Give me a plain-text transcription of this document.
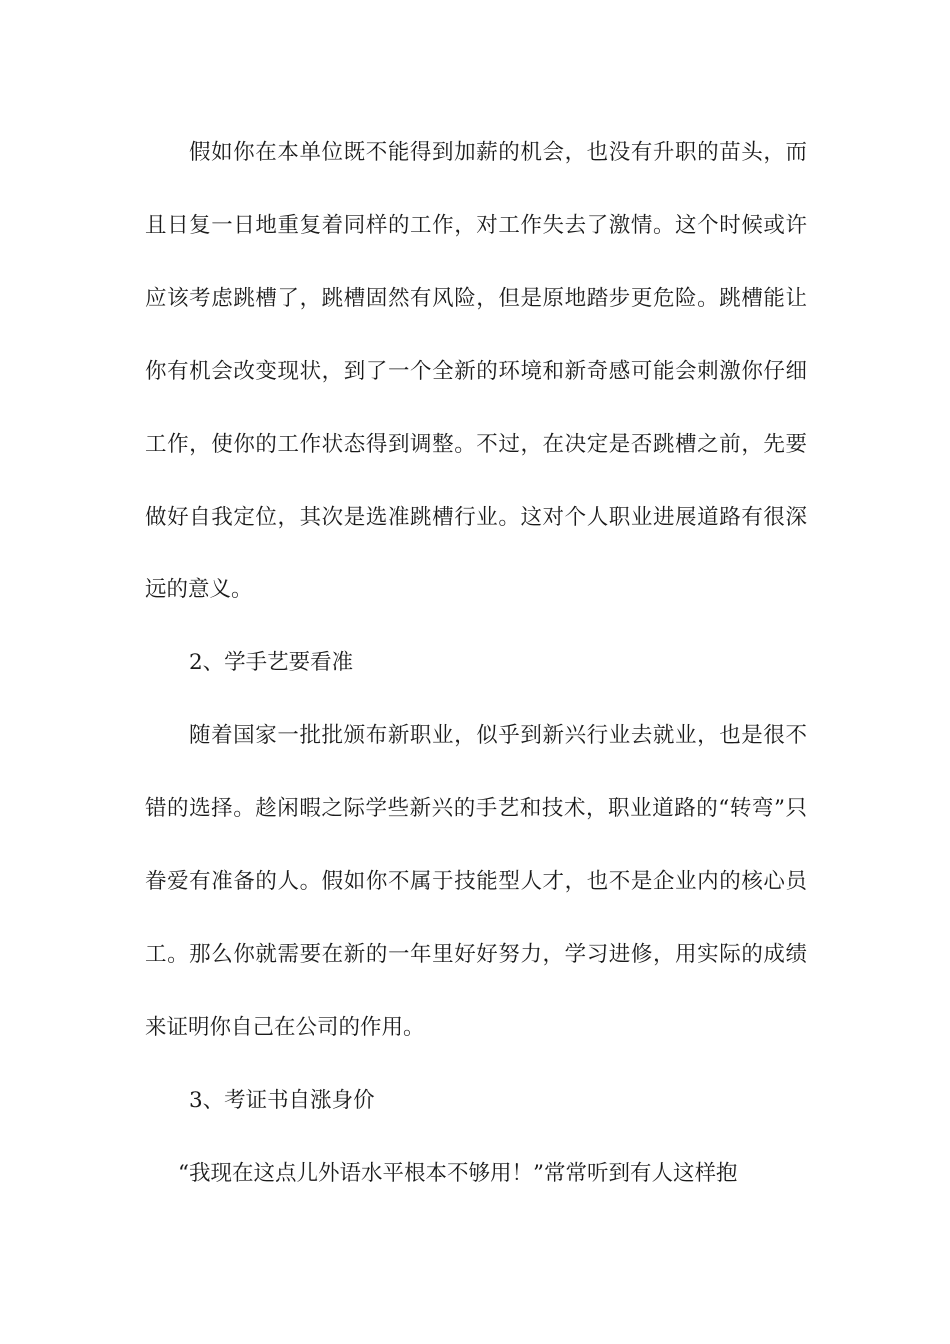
假如你在本单位既不能得到加薪的机会，也没有升职的苗头，而且日复一日地重复着同样的工作，对工作失去了激情。这个时候或许应该考虑跳槽了，跳槽固然有风险，但是原地踏步更危险。跳槽能让你有机会改变现状，到了一个全新的环境和新奇感可能会刺激你仔细工作，使你的工作状态得到调整。不过，在决定是否跳槽之前，先要做好自我定位，其次是选准跳槽行业。这对个人职业进展道路有很深远的意义。

2、学手艺要看准

随着国家一批批颁布新职业，似乎到新兴行业去就业，也是很不错的选择。趁闲暇之际学些新兴的手艺和技术，职业道路的“转弯”只眷爱有准备的人。假如你不属于技能型人才，也不是企业内的核心员工。那么你就需要在新的一年里好好努力，学习进修，用实际的成绩来证明你自己在公司的作用。

3、考证书自涨身价

“我现在这点儿外语水平根本不够用！”常常听到有人这样抱
